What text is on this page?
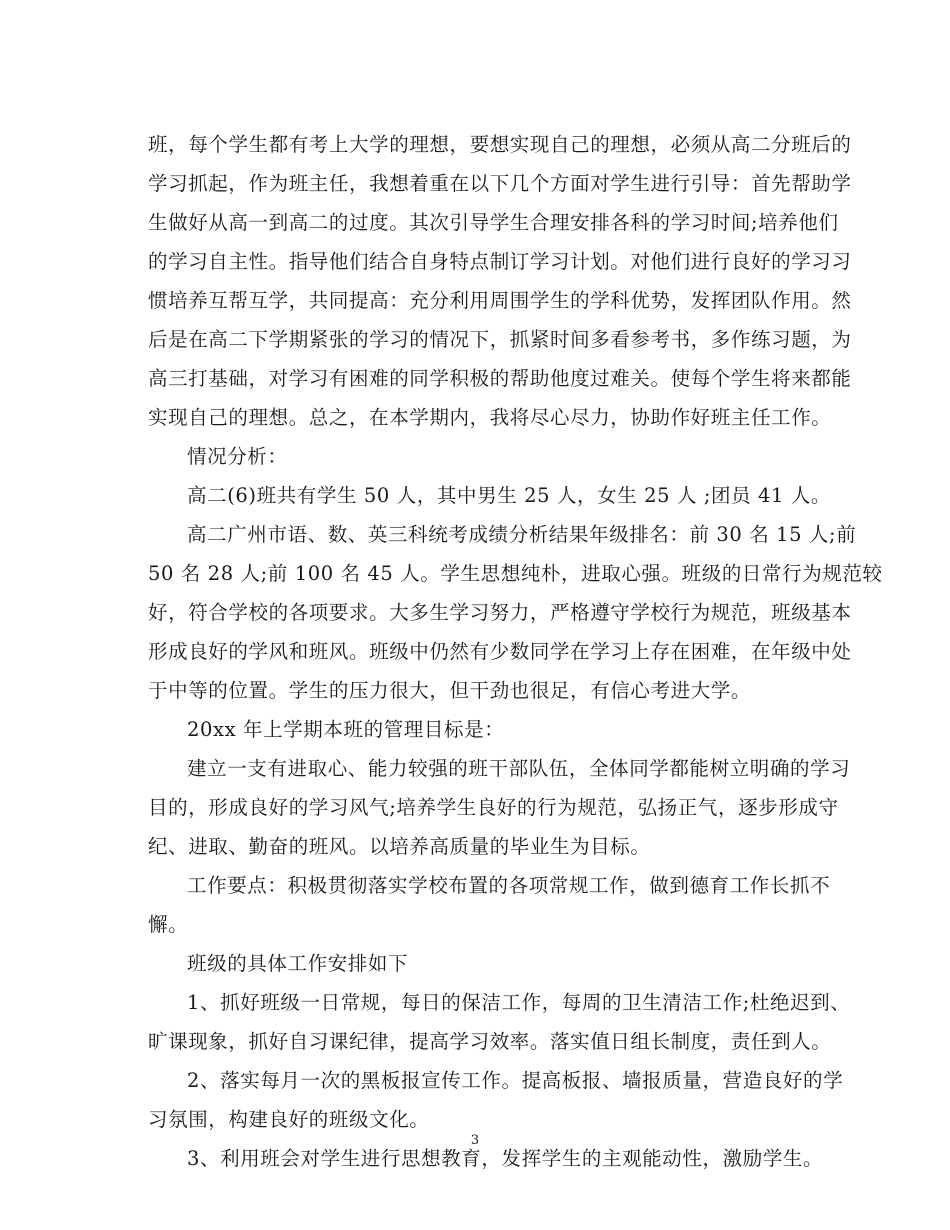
班，每个学生都有考上大学的理想，要想实现自己的理想，必须从高二分班后的
学习抓起，作为班主任，我想着重在以下几个方面对学生进行引导：首先帮助学
生做好从高一到高二的过度。其次引导学生合理安排各科的学习时间;培养他们
的学习自主性。指导他们结合自身特点制订学习计划。对他们进行良好的学习习
惯培养互帮互学，共同提高：充分利用周围学生的学科优势，发挥团队作用。然
后是在高二下学期紧张的学习的情况下，抓紧时间多看参考书，多作练习题，为
高三打基础，对学习有困难的同学积极的帮助他度过难关。使每个学生将来都能
实现自己的理想。总之，在本学期内，我将尽心尽力，协助作好班主任工作。
情况分析：
高二(6)班共有学生 50 人，其中男生 25 人，女生 25 人 ;团员 41 人。
高二广州市语、数、英三科统考成绩分析结果年级排名：前 30 名 15 人;前
50 名 28 人;前 100 名 45 人。学生思想纯朴，进取心强。班级的日常行为规范较
好，符合学校的各项要求。大多生学习努力，严格遵守学校行为规范，班级基本
形成良好的学风和班风。班级中仍然有少数同学在学习上存在困难，在年级中处
于中等的位置。学生的压力很大，但干劲也很足，有信心考进大学。
20xx 年上学期本班的管理目标是：
建立一支有进取心、能力较强的班干部队伍，全体同学都能树立明确的学习
目的，形成良好的学习风气;培养学生良好的行为规范，弘扬正气，逐步形成守
纪、进取、勤奋的班风。以培养高质量的毕业生为目标。
工作要点：积极贯彻落实学校布置的各项常规工作，做到德育工作长抓不
懈。
班级的具体工作安排如下
1、抓好班级一日常规，每日的保洁工作，每周的卫生清洁工作;杜绝迟到、
旷课现象，抓好自习课纪律，提高学习效率。落实值日组长制度，责任到人。
2、落实每月一次的黑板报宣传工作。提高板报、墙报质量，营造良好的学
习氛围，构建良好的班级文化。
3、利用班会对学生进行思想教育，发挥学生的主观能动性，激励学生。
3
